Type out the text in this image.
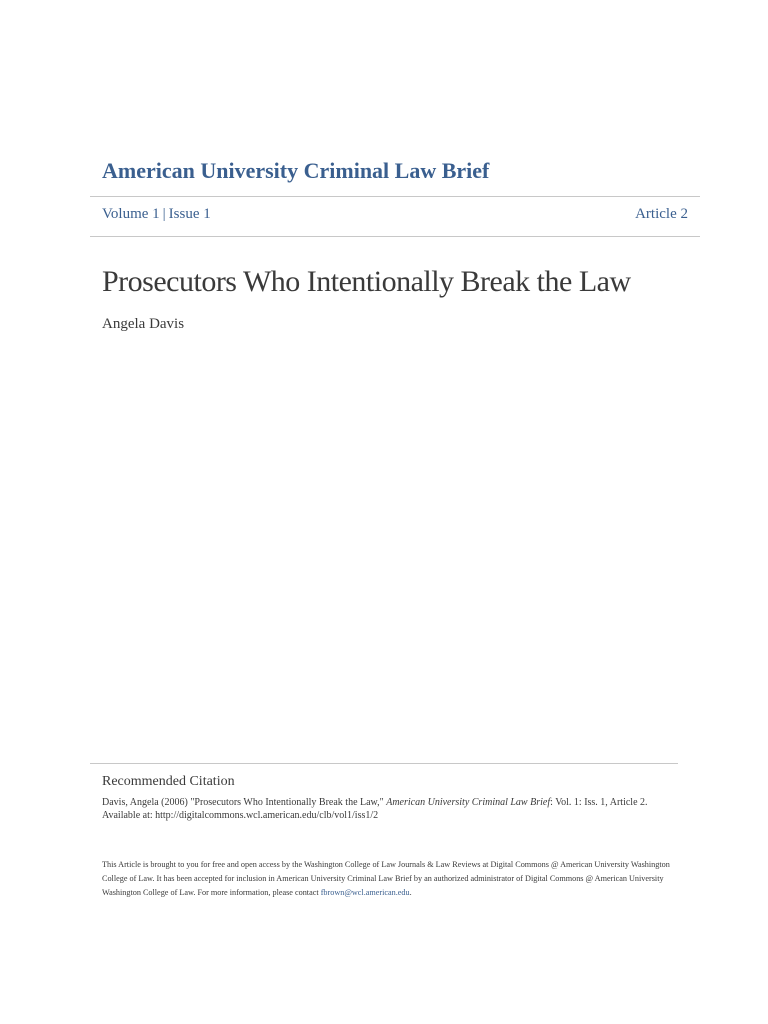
American University Criminal Law Brief
Volume 1 | Issue 1	Article 2
Prosecutors Who Intentionally Break the Law
Angela Davis
Recommended Citation
Davis, Angela (2006) "Prosecutors Who Intentionally Break the Law," American University Criminal Law Brief: Vol. 1: Iss. 1, Article 2.
Available at: http://digitalcommons.wcl.american.edu/clb/vol1/iss1/2
This Article is brought to you for free and open access by the Washington College of Law Journals & Law Reviews at Digital Commons @ American University Washington College of Law. It has been accepted for inclusion in American University Criminal Law Brief by an authorized administrator of Digital Commons @ American University Washington College of Law. For more information, please contact fbrown@wcl.american.edu.
